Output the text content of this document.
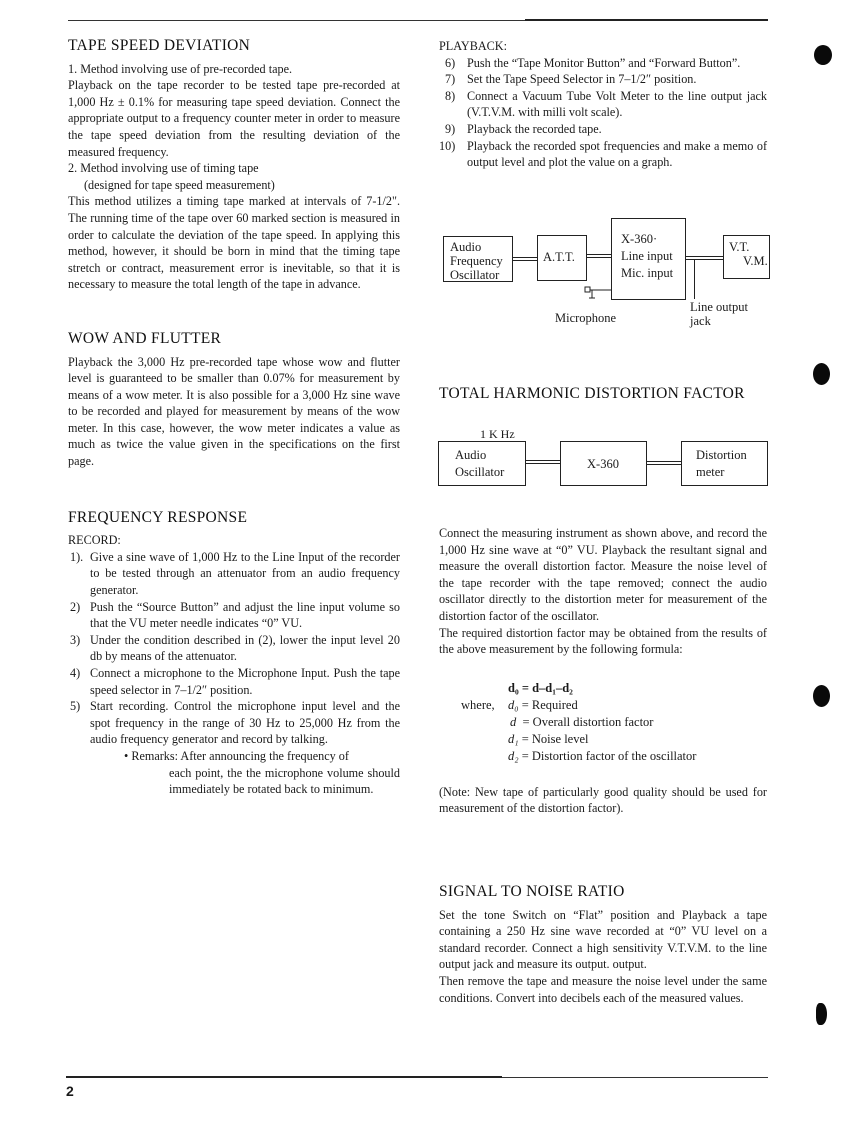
TAPE SPEED DEVIATION

1. Method involving use of pre-recorded tape.

Playback on the tape recorder to be tested tape pre-recorded at 1,000 Hz ± 0.1% for measuring tape speed deviation. Connect the appropriate output to a frequency counter meter in order to measure the tape speed deviation from the resulting deviation of the measured frequency.

2. Method involving use of timing tape

(designed for tape speed measurement)

This method utilizes a timing tape marked at intervals of 7-1/2". The running time of the tape over 60 marked section is measured in order to calculate the deviation of the tape speed. In applying this method, however, it should be born in mind that the timing tape stretch or contract, measurement error is inevitable, so that it is necessary to measure the total length of the tape in advance.

WOW AND FLUTTER

Playback the 3,000 Hz pre-recorded tape whose wow and flutter level is guaranteed to be smaller than 0.07% for measurement by means of a wow meter. It is also possible for a 3,000 Hz sine wave to be recorded and played for measurement by means of the wow meter. In this case, however, the wow meter indicates a value as much as twice the value given in the specifications on the first page.

FREQUENCY RESPONSE

RECORD:

1). Give a sine wave of 1,000 Hz to the Line Input of the recorder to be tested through an attenuator from an audio frequency generator.
2) Push the “Source Button” and adjust the line input volume so that the VU meter needle indicates “0” VU.
3) Under the condition described in (2), lower the input level 20 db by means of the attenuator.
4) Connect a microphone to the Microphone Input. Push the tape speed selector in 7–1/2″ position.
5) Start recording. Control the microphone input level and the spot frequency in the range of 30 Hz to 25,000 Hz from the audio frequency generator and record by talking.
• Remarks: After announcing the frequency of

each point, the the microphone volume should immediately be rotated back to minimum.

PLAYBACK:

6) Push the “Tape Monitor Button” and “Forward Button”.
7) Set the Tape Speed Selector in 7–1/2″ position.
8) Connect a Vacuum Tube Volt Meter to the line output jack (V.T.V.M. with milli volt scale).
9) Playback the recorded tape.
10) Playback the recorded spot frequencies and make a memo of output level and plot the value on a graph.
Audio
Frequency
Oscillator
A.T.T.
X-360·
Line input
Mic. input
V.T.
V.M.
Microphone
Line output
jack
TOTAL HARMONIC DISTORTION FACTOR
1 K Hz
Audio
Oscillator
X-360
Distortion
meter

Connect the measuring instrument as shown above, and record the 1,000 Hz sine wave at “0” VU. Playback the resultant signal and measure the overall distortion factor. Measure the noise level of the tape recorder with the tape removed; connect the audio oscillator directly to the distortion meter for measurement of the distortion factor of the oscillator.

The required distortion factor may be obtained from the results of the above measurement by the following formula:

d₀ = d–d₁–d₂
where, d₀ = Required
d = Overall distortion factor
d₁ = Noise level
d₂ = Distortion factor of the oscillator

(Note: New tape of particularly good quality should be used for measurement of the distortion factor).

SIGNAL TO NOISE RATIO

Set the tone Switch on “Flat” position and Playback a tape containing a 250 Hz sine wave recorded at “0” VU level on a standard recorder. Connect a high sensitivity V.T.V.M. to the line output jack and measure its output. output.

Then remove the tape and measure the noise level under the same conditions. Convert into decibels each of the measured values.

2
